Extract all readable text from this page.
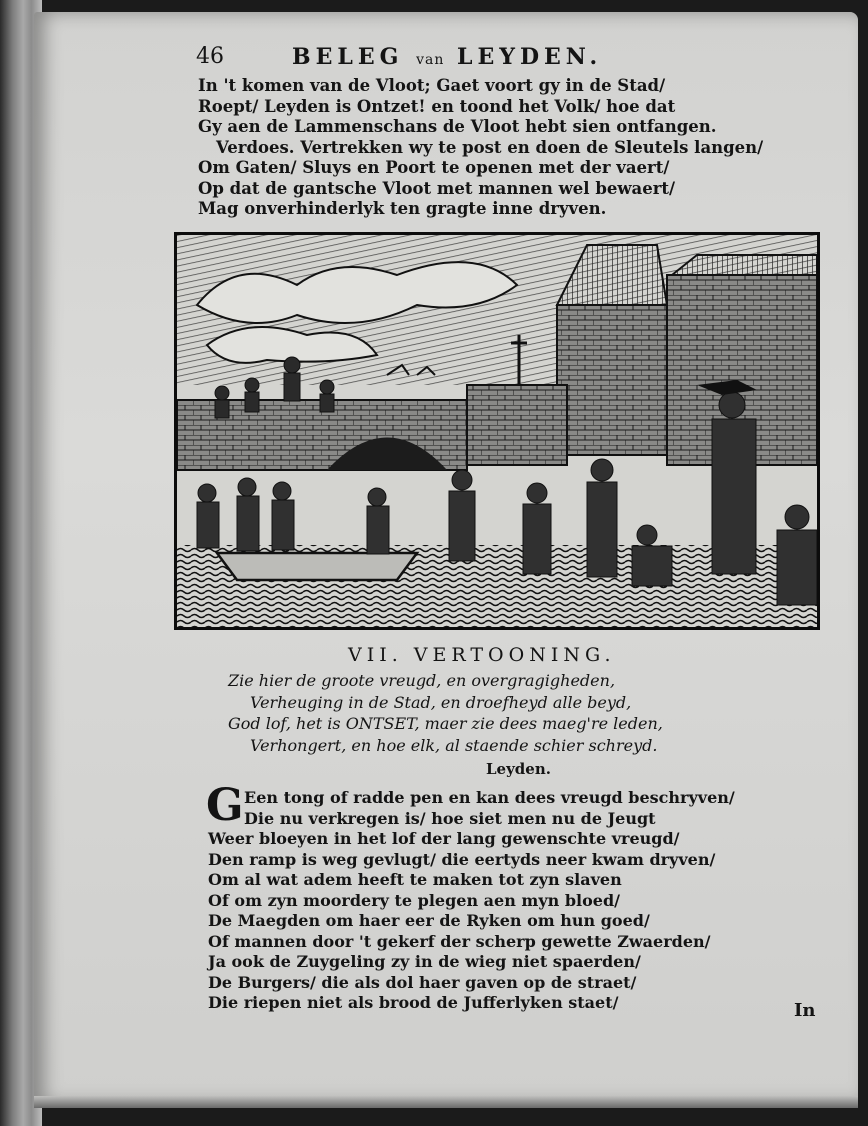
46	BELEG van LEYDEN.
In 't komen van de Vloot; Gaet voort gy in de Stad/
Roept/ Leyden is Ontzet! en toond het Volk/ hoe dat
Gy aen de Lammenschans de Vloot hebt sien ontfangen.
Verdoes. Vertrekken wy te post en doen de Sleutels langen/
Om Gaten/ Sluys en Poort te openen met der vaert/
Op dat de gantsche Vloot met mannen wel bewaert/
Mag onverhinderlyk ten gragte inne dryven.
VII. VERTOONING.
Zie hier de groote vreugd, en overgragigheden,
Verheuging in de Stad, en droefheyd alle beyd,
God lof, het is ONTSET, maer zie dees maeg're leden,
Verhongert, en hoe elk, al staende schier schreyd.
Leyden.
G Een tong of radde pen en kan dees vreugd beschryven/
Die nu verkregen is/ hoe siet men nu de Jeugt
Weer bloeyen in het lof der lang gewenschte vreugd/
Den ramp is weg gevlugt/ die eertyds neer kwam dryven/
Om al wat adem heeft te maken tot zyn slaven
Of om zyn moordery te plegen aen myn bloed/
De Maegden om haer eer de Ryken om hun goed/
Of mannen door 't gekerf der scherp gewette Zwaerden/
Ja ook de Zuygeling zy in de wieg niet spaerden/
De Burgers/ die als dol haer gaven op de straet/
Die riepen niet als brood de Jufferlyken staet/	In
